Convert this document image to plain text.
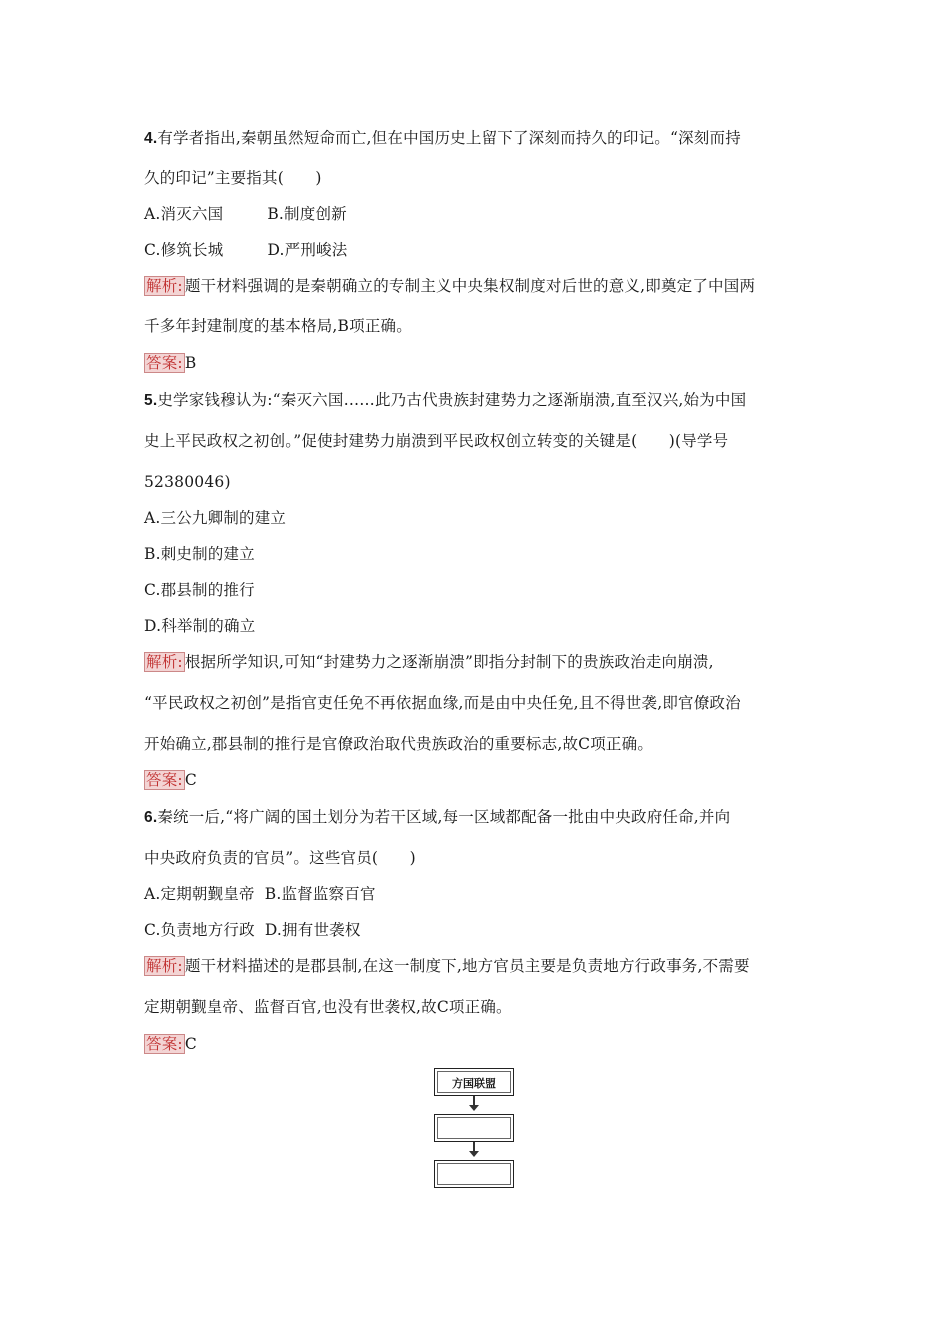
4.有学者指出,秦朝虽然短命而亡,但在中国历史上留下了深刻而持久的印记。“深刻而持
久的印记”主要指其(　　)
A.消灭六国	B.制度创新
C.修筑长城	D.严刑峻法
解析: 题干材料强调的是秦朝确立的专制主义中央集权制度对后世的意义,即奠定了中国两
千多年封建制度的基本格局,B项正确。
答案: B
5.史学家钱穆认为:“秦灭六国……此乃古代贵族封建势力之逐渐崩溃,直至汉兴,始为中国
史上平民政权之初创。”促使封建势力崩溃到平民政权创立转变的关键是(　　)(导学号
52380046)
A.三公九卿制的建立
B.刺史制的建立
C.郡县制的推行
D.科举制的确立
解析: 根据所学知识,可知“封建势力之逐渐崩溃”即指分封制下的贵族政治走向崩溃,
“平民政权之初创”是指官吏任免不再依据血缘,而是由中央任免,且不得世袭,即官僚政治
开始确立,郡县制的推行是官僚政治取代贵族政治的重要标志,故C项正确。
答案: C
6.秦统一后,“将广阔的国土划分为若干区域,每一区域都配备一批由中央政府任命,并向
中央政府负责的官员”。这些官员(　　)
A.定期朝觐皇帝 B.监督监察百官
C.负责地方行政 D.拥有世袭权
解析: 题干材料描述的是郡县制,在这一制度下,地方官员主要是负责地方行政事务,不需要
定期朝觐皇帝、监督百官,也没有世袭权,故C项正确。
答案: C
方国联盟
